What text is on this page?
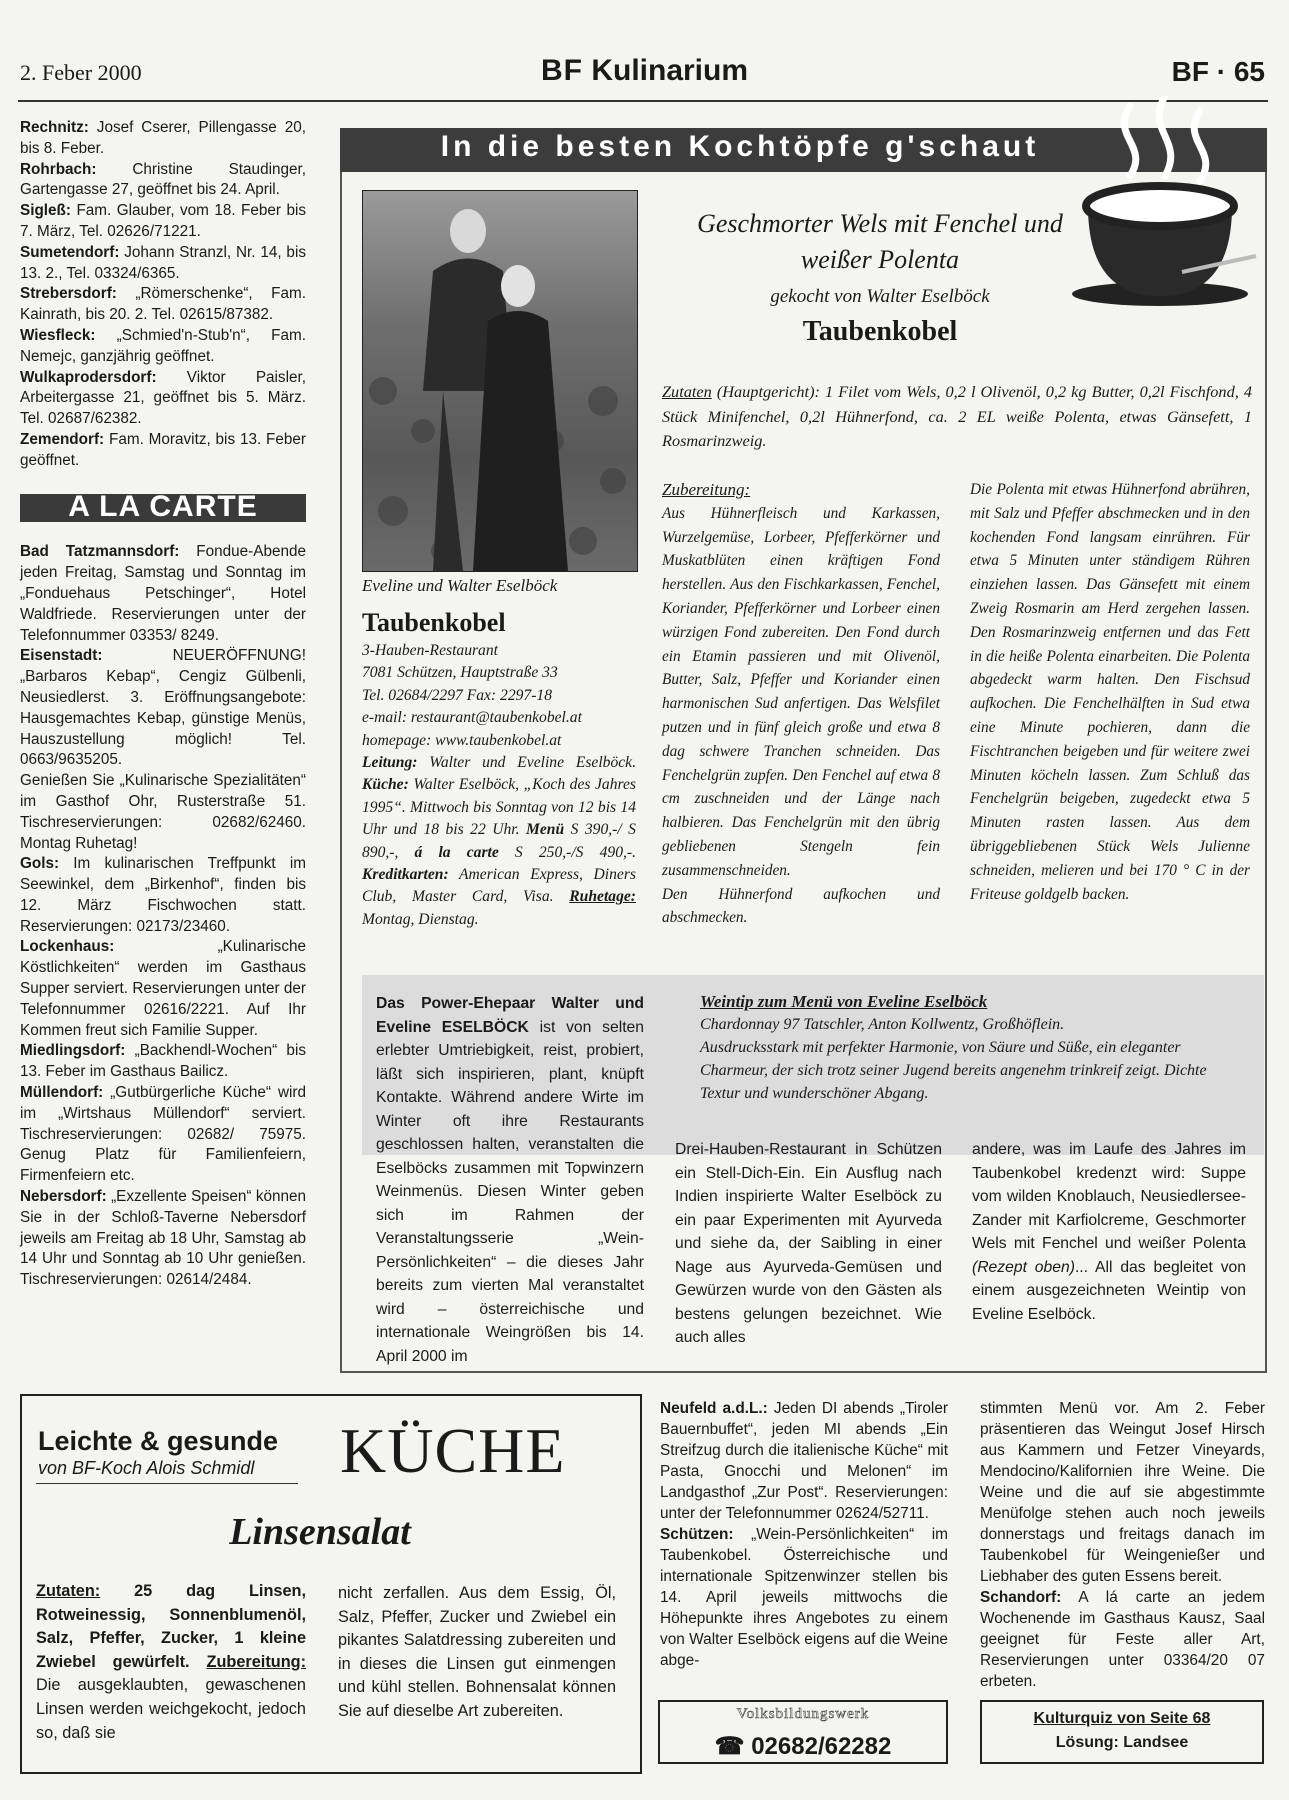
2. Feber 2000	BF Kulinarium	BF · 65

Rechnitz: Josef Cserer, Pillengasse 20, bis 8. Feber.

Rohrbach: Christine Staudinger, Gartengasse 27, geöffnet bis 24. April.

Sigleß: Fam. Glauber, vom 18. Feber bis 7. März, Tel. 02626/71221.

Sumetendorf: Johann Stranzl, Nr. 14, bis 13. 2., Tel. 03324/6365.

Strebersdorf: „Römerschenke“, Fam. Kainrath, bis 20. 2. Tel. 02615/87382.

Wiesfleck: „Schmied'n-Stub'n“, Fam. Nemejc, ganzjährig geöffnet.

Wulkaprodersdorf: Viktor Paisler, Arbeitergasse 21, geöffnet bis 5. März. Tel. 02687/62382.

Zemendorf: Fam. Moravitz, bis 13. Feber geöffnet.

A LA CARTE

Bad Tatzmannsdorf: Fondue-Abende jeden Freitag, Samstag und Sonntag im „Fonduehaus Petschinger“, Hotel Waldfriede. Reservierungen unter der Telefonnummer 03353/ 8249.

Eisenstadt:	NEUERÖFFNUNG! „Barbaros Kebap“, Cengiz Gülbenli, Neusiedlerst. 3. Eröffnungsangebote: Hausgemachtes Kebap, günstige Menüs, Hauszustellung möglich! Tel. 0663/9635205.

Genießen Sie „Kulinarische Spezialitäten“ im Gasthof Ohr, Rusterstraße 51. Tischreservierungen: 02682/62460. Montag Ruhetag!

Gols: Im kulinarischen Treffpunkt im Seewinkel, dem „Birkenhof“, finden bis 12. März Fischwochen statt. Reservierungen: 02173/23460.

Lockenhaus:	„Kulinarische Köstlichkeiten“ werden im Gasthaus Supper serviert. Reservierungen unter der Telefonnummer 02616/2221. Auf Ihr Kommen freut sich Familie Supper.

Miedlingsdorf: „Backhendl-Wochen“ bis 13. Feber im Gasthaus Bailicz.

Müllendorf: „Gutbürgerliche Küche“ wird im „Wirtshaus Müllendorf“ serviert. Tischreservierungen: 02682/ 75975. Genug Platz für Familienfeiern, Firmenfeiern etc.

Nebersdorf: „Exzellente Speisen“ können Sie in der Schloß-Taverne Nebersdorf jeweils am Freitag ab 18 Uhr, Samstag ab 14 Uhr und Sonntag ab 10 Uhr genießen. Tischreservierungen: 02614/2484.

In die besten Kochtöpfe g'schaut
Eveline und Walter Eselböck
Taubenkobel
3-Hauben-Restaurant
7081 Schützen, Hauptstraße 33
Tel. 02684/2297 Fax: 2297-18
e-mail: restaurant@taubenkobel.at
homepage: www.taubenkobel.at
Leitung: Walter und Eveline Eselböck. Küche: Walter Eselböck, „Koch des Jahres 1995“. Mittwoch bis Sonntag von 12 bis 14 Uhr und 18 bis 22 Uhr. Menü S 390,-/ S 890,-, á la carte S 250,-/S 490,-. Kreditkarten: American Express, Diners Club, Master Card, Visa. Ruhetage: Montag, Dienstag.
Geschmorter Wels mit Fenchel und weißer Polenta
gekocht von Walter Eselböck
Taubenkobel
Zutaten (Hauptgericht): 1 Filet vom Wels, 0,2 l Olivenöl, 0,2 kg Butter, 0,2l Fischfond, 4 Stück Minifenchel, 0,2l Hühnerfond, ca. 2 EL weiße Polenta, etwas Gänsefett, 1 Rosmarinzweig.
Zubereitung:

Aus Hühnerfleisch und Karkassen, Wurzelgemüse, Lorbeer, Pfefferkörner und Muskatblüten einen kräftigen Fond herstellen. Aus den Fischkarkassen, Fenchel, Koriander, Pfefferkörner und Lorbeer einen würzigen Fond zubereiten. Den Fond durch ein Etamin passieren und mit Olivenöl, Butter, Salz, Pfeffer und Koriander einen harmonischen Sud anfertigen. Das Welsfilet putzen und in fünf gleich große und etwa 8 dag schwere Tranchen schneiden. Das Fenchelgrün zupfen. Den Fenchel auf etwa 8 cm zuschneiden und der Länge nach halbieren. Das Fenchelgrün mit den übrig gebliebenen Stengeln fein zusammenschneiden.

Den Hühnerfond aufkochen und abschmecken.

Die Polenta mit etwas Hühnerfond abrühren, mit Salz und Pfeffer abschmecken und in den kochenden Fond langsam einrühren. Für etwa 5 Minuten unter ständigem Rühren einziehen lassen. Das Gänsefett mit einem Zweig Rosmarin am Herd zergehen lassen. Den Rosmarinzweig entfernen und das Fett in die heiße Polenta einarbeiten. Die Polenta abgedeckt warm halten. Den Fischsud aufkochen. Die Fenchelhälften in Sud etwa eine Minute pochieren, dann die Fischtranchen beigeben und für weitere zwei Minuten köcheln lassen. Zum Schluß das Fenchelgrün beigeben, zugedeckt etwa 5 Minuten rasten lassen. Aus dem übriggebliebenen Stück Wels Julienne schneiden, melieren und bei 170 ° C in der Friteuse goldgelb backen.
Das Power-Ehepaar Walter und Eveline ESELBÖCK ist von selten erlebter Umtriebigkeit, reist, probiert, läßt sich inspirieren, plant, knüpft Kontakte. Während andere Wirte im Winter oft ihre Restaurants geschlossen halten, veranstalten die Eselböcks zusammen mit Topwinzern Weinmenüs. Diesen Winter geben sich im Rahmen der Veranstaltungsserie „Wein-Persönlichkeiten“ – die dieses Jahr bereits zum vierten Mal veranstaltet wird – österreichische und internationale Weingrößen bis 14. April 2000 im
Weintip zum Menü von Eveline Eselböck
Chardonnay 97 Tatschler, Anton Kollwentz, Großhöflein.
Ausdrucksstark mit perfekter Harmonie, von Säure und Süße, ein eleganter Charmeur, der sich trotz seiner Jugend bereits angenehm trinkreif zeigt. Dichte Textur und wunderschöner Abgang.
Drei-Hauben-Restaurant in Schützen ein Stell-Dich-Ein. Ein Ausflug nach Indien inspirierte Walter Eselböck zu ein paar Experimenten mit Ayurveda und siehe da, der Saibling in einer Nage aus Ayurveda-Gemüsen und Gewürzen wurde von den Gästen als bestens gelungen bezeichnet. Wie auch alles
andere, was im Laufe des Jahres im Taubenkobel kredenzt wird: Suppe vom wilden Knoblauch, Neusiedlersee-Zander mit Karfiolcreme, Geschmorter Wels mit Fenchel und weißer Polenta (Rezept oben)... All das begleitet von einem ausgezeichneten Weintip von Eveline Eselböck.
Leichte & gesunde
von BF-Koch Alois Schmidl KÜCHE
Linsensalat
Zutaten: 25 dag Linsen, Rotweinessig, Sonnenblumenöl, Salz, Pfeffer, Zucker, 1 kleine Zwiebel gewürfelt. Zubereitung: Die ausgeklaubten, gewaschenen Linsen werden weichgekocht, jedoch so, daß sie
nicht zerfallen. Aus dem Essig, Öl, Salz, Pfeffer, Zucker und Zwiebel ein pikantes Salatdressing zubereiten und in dieses die Linsen gut einmengen und kühl stellen. Bohnensalat können Sie auf dieselbe Art zubereiten.

Neufeld a.d.L.: Jeden DI abends „Tiroler Bauernbuffet“, jeden MI abends „Ein Streifzug durch die italienische Küche“ mit Pasta, Gnocchi und Melonen“ im Landgasthof „Zur Post“. Reservierungen: unter der Telefonnummer 02624/52711.

Schützen: „Wein-Persönlichkeiten“ im Taubenkobel. Österreichische und internationale Spitzenwinzer stellen bis 14. April jeweils mittwochs die Höhepunkte ihres Angebotes zu einem von Walter Eselböck eigens auf die Weine abge-

stimmten Menü vor. Am 2. Feber präsentieren das Weingut Josef Hirsch aus Kammern und Fetzer Vineyards, Mendocino/Kalifornien ihre Weine. Die Weine und die auf sie abgestimmte Menüfolge stehen auch noch jeweils donnerstags und freitags danach im Taubenkobel für Weingenießer und Liebhaber des guten Essens bereit.

Schandorf: A lá carte an jedem Wochenende im Gasthaus Kausz, Saal geeignet für Feste aller Art, Reservierungen unter 03364/20 07 erbeten.

Volksbildungswerk
☎ 02682/62282
Kulturquiz von Seite 68
Lösung: Landsee
